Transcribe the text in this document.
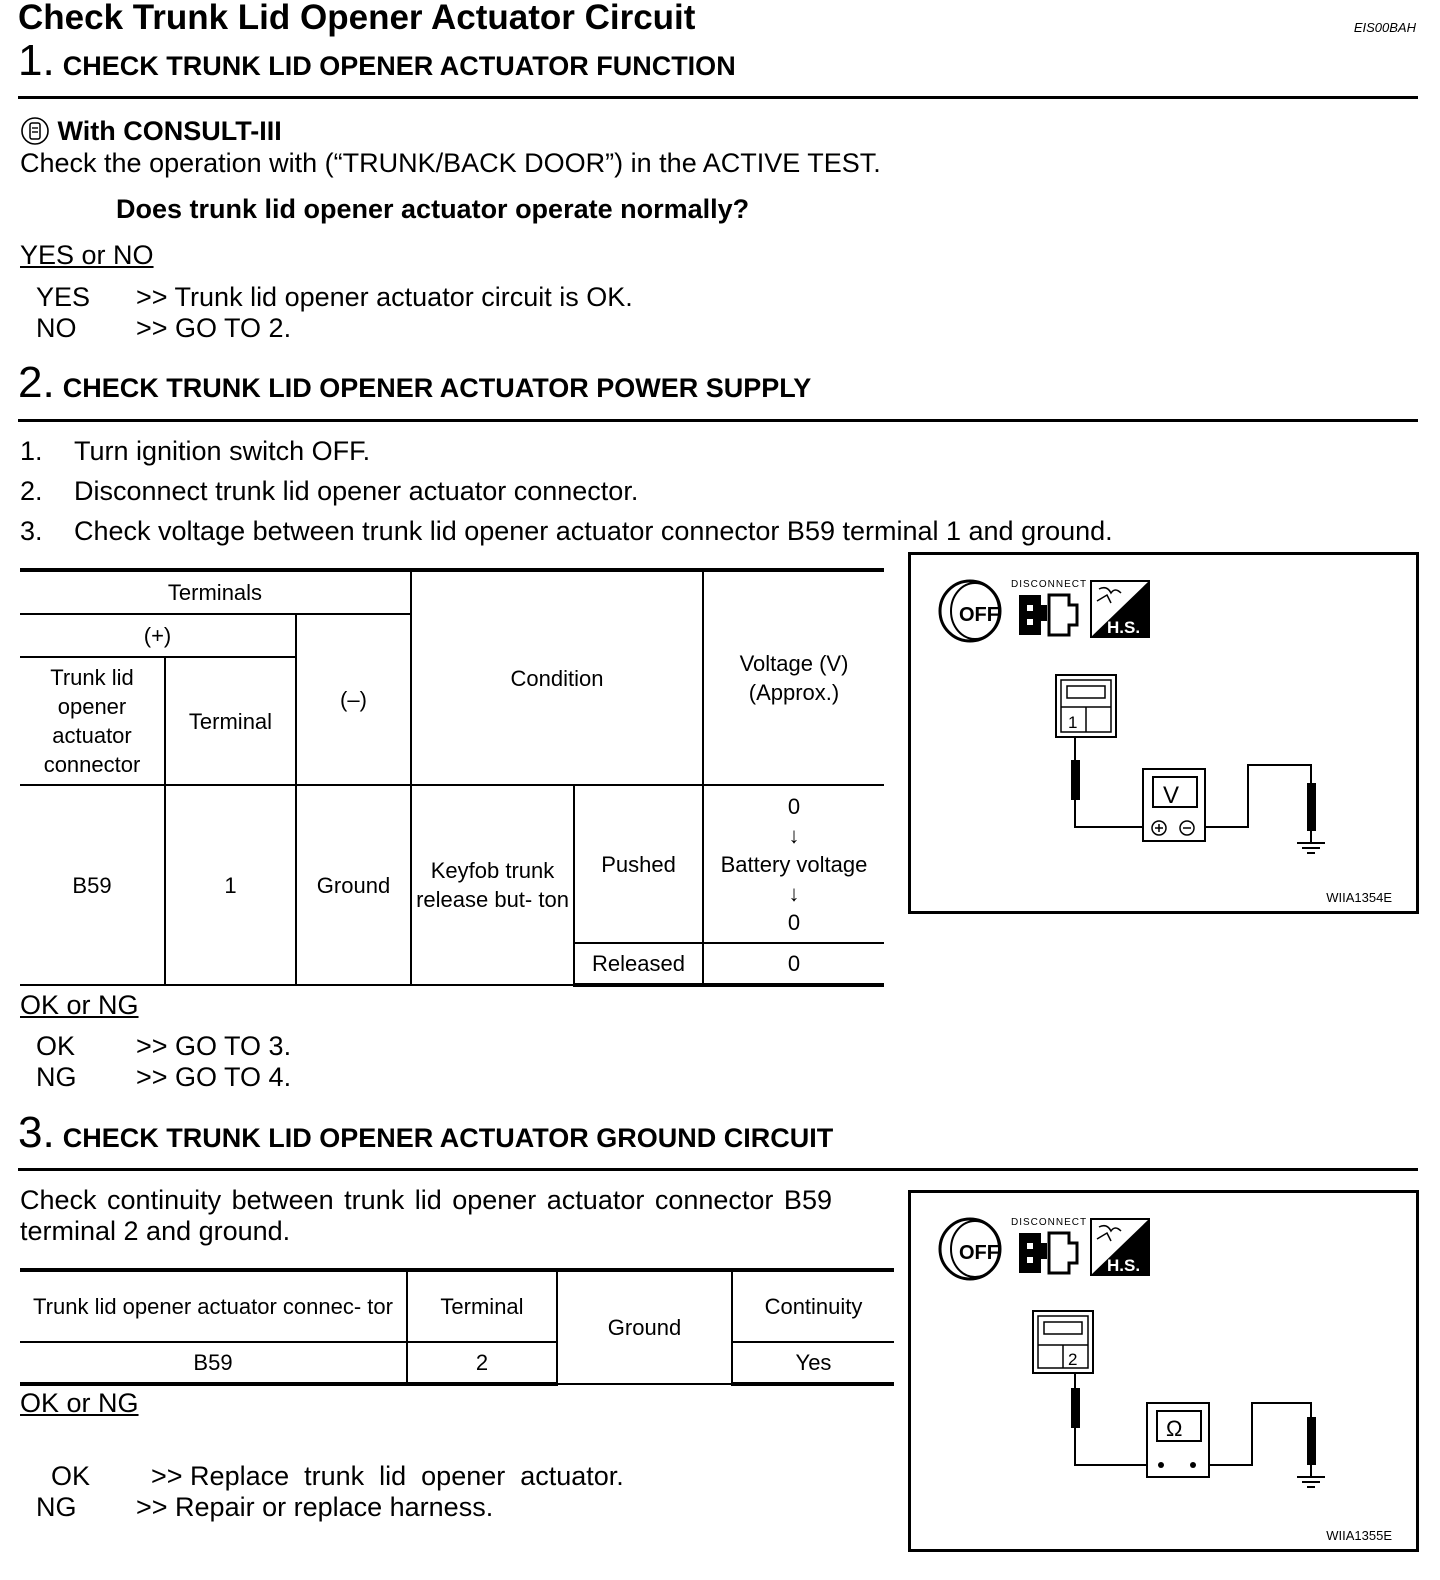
Check Trunk Lid Opener Actuator Circuit	EIS00BAH
1. CHECK TRUNK LID OPENER ACTUATOR FUNCTION
With CONSULT-III
Check the operation with (“TRUNK/BACK DOOR”) in the ACTIVE TEST.
Does trunk lid opener actuator operate normally?
YES or NO
YES >> Trunk lid opener actuator circuit is OK.
NO >> GO TO 2.
2. CHECK TRUNK LID OPENER ACTUATOR POWER SUPPLY
1. Turn ignition switch OFF.
2. Disconnect trunk lid opener actuator connector.
3. Check voltage between trunk lid opener actuator connector B59 terminal 1 and ground.
Terminals			Condition		Voltage (V) (Approx.)
(+)		(–)			
Trunk lid opener actuator connector	Terminal				
B59	1	Ground	Keyfob trunk release but- ton	Pushed	0
↓
Battery voltage
↓
0

				Released	0
OFF
DISCONNECT
H.S.
1
V
WIIA1354E
OK or NG
OK >> GO TO 3.
NG >> GO TO 4.
3. CHECK TRUNK LID OPENER ACTUATOR GROUND CIRCUIT
Check continuity between trunk lid opener actuator connector B59
terminal 2 and ground.
Trunk lid opener actuator connec- tor	Terminal	Ground	Continuity
B59	2		Yes
OFF
DISCONNECT
H.S.
2
Ω
WIIA1355E
OK or NG

OK >> Replace  trunk  lid  opener  actuator.

NG >> Repair or replace harness.
